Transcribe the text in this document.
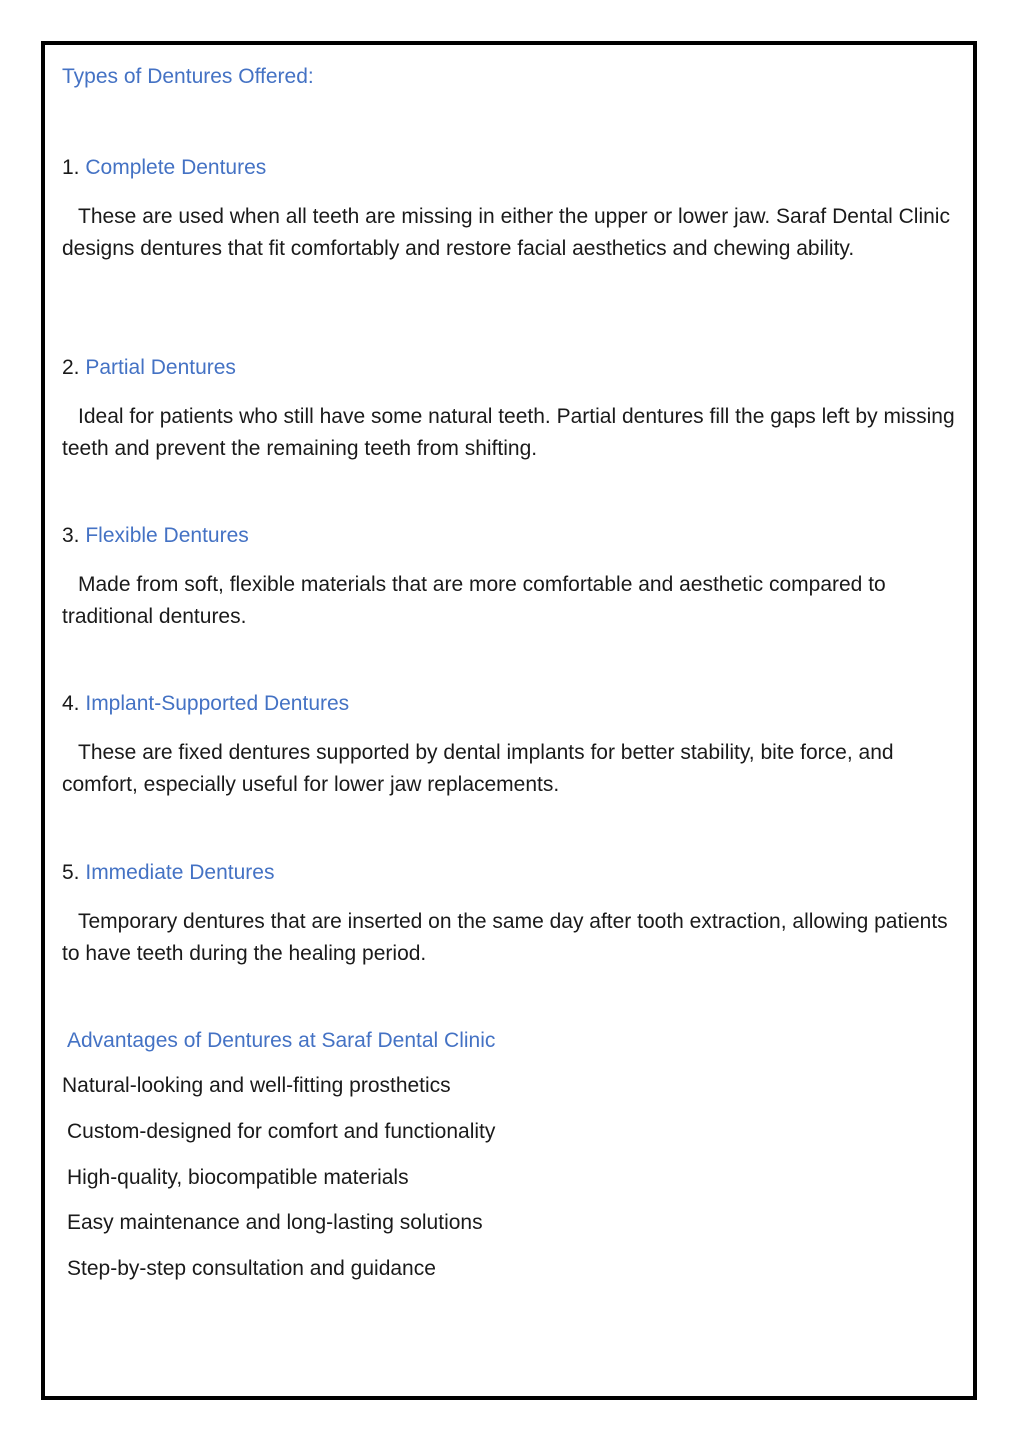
Types of Dentures Offered:

1. Complete Dentures

These are used when all teeth are missing in either the upper or lower jaw. Saraf Dental Clinic designs dentures that fit comfortably and restore facial aesthetics and chewing ability.

2. Partial Dentures

Ideal for patients who still have some natural teeth. Partial dentures fill the gaps left by missing teeth and prevent the remaining teeth from shifting.

3. Flexible Dentures

Made from soft, flexible materials that are more comfortable and aesthetic compared to traditional dentures.

4. Implant-Supported Dentures

These are fixed dentures supported by dental implants for better stability, bite force, and comfort, especially useful for lower jaw replacements.

5. Immediate Dentures

Temporary dentures that are inserted on the same day after tooth extraction, allowing patients to have teeth during the healing period.

Advantages of Dentures at Saraf Dental Clinic
Natural-looking and well-fitting prosthetics
Custom-designed for comfort and functionality
High-quality, biocompatible materials
Easy maintenance and long-lasting solutions
Step-by-step consultation and guidance
